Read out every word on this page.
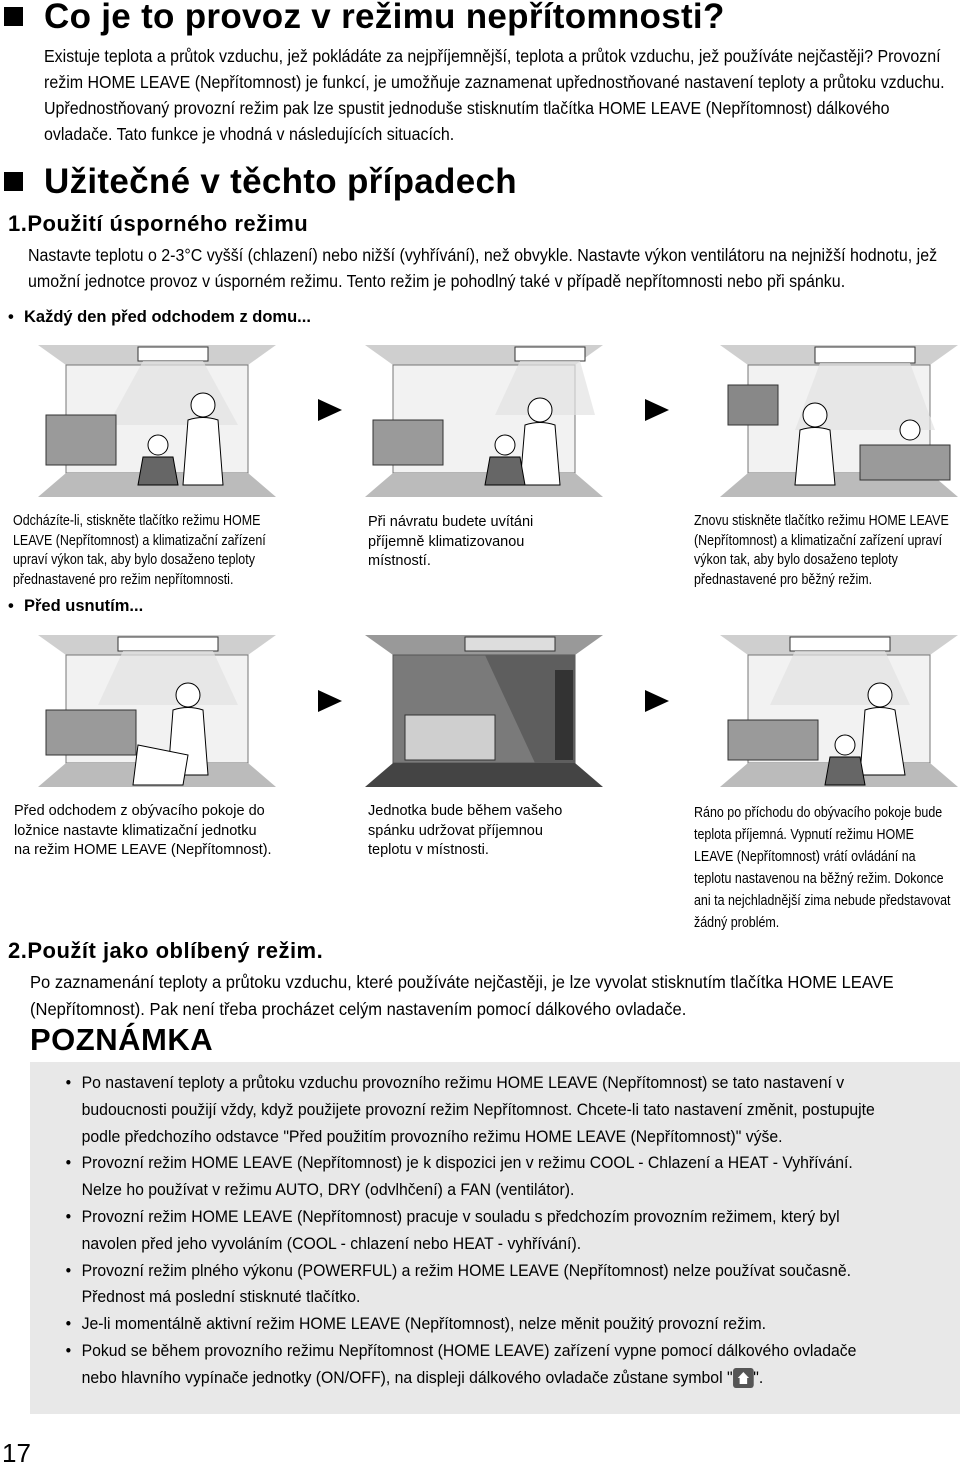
Co je to provoz v režimu nepřítomnosti?
Existuje teplota a průtok vzduchu, jež pokládáte za nejpříjemnější, teplota a průtok vzduchu, jež používáte nejčastěji? Provozní režim HOME LEAVE (Nepřítomnost) je funkcí, je umožňuje zaznamenat upřednostňované nastavení teploty a průtoku vzduchu. Upřednostňovaný provozní režim pak lze spustit jednoduše stisknutím tlačítka HOME LEAVE (Nepřítomnost) dálkového ovladače. Tato funkce je vhodná v následujících situacích.
Užitečné v těchto případech
1.Použití úsporného režimu
Nastavte teplotu o 2-3°C vyšší (chlazení) nebo nižší (vyhřívání), než obvykle. Nastavte výkon ventilátoru na nejnižší hodnotu, jež umožní jednotce provoz v úsporném režimu. Tento režim je pohodlný také v případě nepřítomnosti nebo při spánku.
• Každý den před odchodem z domu...
Odcházíte-li, stiskněte tlačítko režimu HOME LEAVE (Nepřítomnost) a klimatizační zařízení upraví výkon tak, aby bylo dosaženo teploty přednastavené pro režim nepřítomnosti.
Při návratu budete uvítáni příjemně klimatizovanou místností.
Znovu stiskněte tlačítko režimu HOME LEAVE (Nepřítomnost) a klimatizační zařízení upraví výkon tak, aby bylo dosaženo teploty přednastavené pro běžný režim.
• Před usnutím...
Před odchodem z obývacího pokoje do ložnice nastavte klimatizační jednotku na režim HOME LEAVE (Nepřítomnost).
Jednotka bude během vašeho spánku udržovat příjemnou teplotu v místnosti.
Ráno po příchodu do obývacího pokoje bude teplota příjemná. Vypnutí režimu HOME LEAVE (Nepřítomnost) vrátí ovládání na teplotu nastavenou na běžný režim. Dokonce ani ta nejchladnější zima nebude představovat žádný problém.
2.Použít jako oblíbený režim.
Po zaznamenání teploty a průtoku vzduchu, které používáte nejčastěji, je lze vyvolat stisknutím tlačítka HOME LEAVE (Nepřítomnost). Pak není třeba procházet celým nastavením pomocí dálkového ovladače.
POZNÁMKA
• Po nastavení teploty a průtoku vzduchu provozního režimu HOME LEAVE (Nepřítomnost) se tato nastavení v budoucnosti použijí vždy, když použijete provozní režim Nepřítomnost. Chcete-li tato nastavení změnit, postupujte podle předchozího odstavce "Před použitím provozního režimu HOME LEAVE (Nepřítomnost)" výše.
• Provozní režim HOME LEAVE (Nepřítomnost) je k dispozici jen v režimu COOL - Chlazení a HEAT - Vyhřívání. Nelze ho používat v režimu AUTO, DRY (odvlhčení) a FAN (ventilátor).
• Provozní režim HOME LEAVE (Nepřítomnost) pracuje v souladu s předchozím provozním režimem, který byl navolen před jeho vyvoláním (COOL - chlazení nebo HEAT - vyhřívání).
• Provozní režim plného výkonu (POWERFUL) a režim HOME LEAVE (Nepřítomnost) nelze používat současně. Přednost má poslední stisknuté tlačítko.
• Je-li momentálně aktivní režim HOME LEAVE (Nepřítomnost), nelze měnit použitý provozní režim.
• Pokud se během provozního režimu Nepřítomnost (HOME LEAVE) zařízení vypne pomocí dálkového ovladače nebo hlavního vypínače jednotky (ON/OFF), na displeji dálkového ovladače zůstane symbol " ".
17
